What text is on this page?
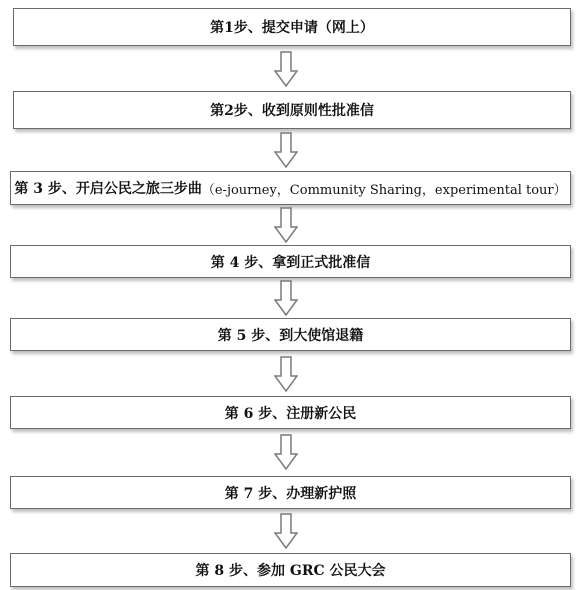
第1步、提交申请（网上）
第2步、收到原则性批准信
第 3 步、开启公民之旅三步曲 （e-journey，Community Sharing，experimental tour）
第 4 步、拿到正式批准信
第 5 步、到大使馆退籍
第 6 步、注册新公民
第 7 步、办理新护照
第 8 步、参加 GRC 公民大会
